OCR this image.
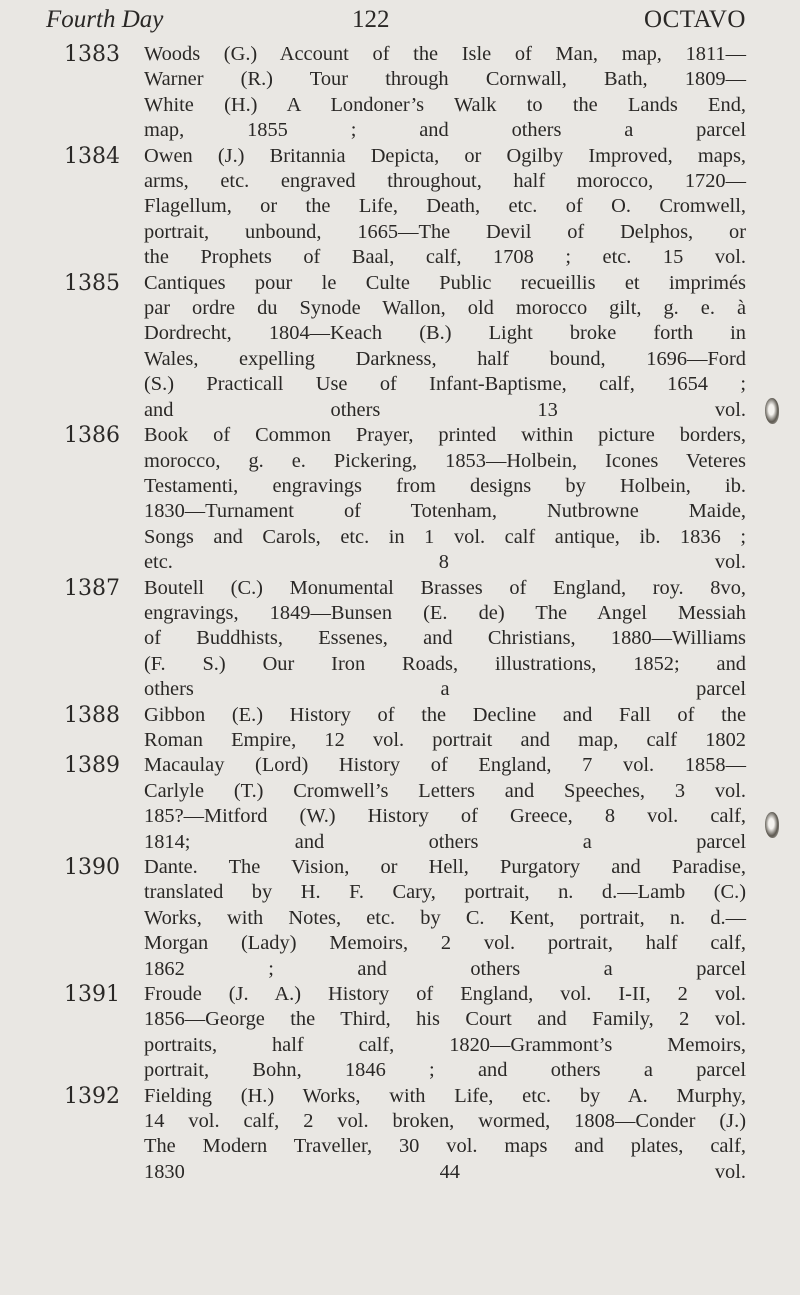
Fourth Day	122	OCTAVO
1383 Woods (G.) Account of the Isle of Man, map, 1811—
Warner (R.) Tour through Cornwall, Bath, 1809—
White (H.) A Londoner’s Walk to the Lands End,
map, 1855 ; and others a parcel
1384 Owen (J.) Britannia Depicta, or Ogilby Improved, maps,
arms, etc. engraved throughout, half morocco, 1720—
Flagellum, or the Life, Death, etc. of O. Cromwell,
portrait, unbound, 1665—The Devil of Delphos, or
the Prophets of Baal, calf, 1708 ; etc. 15 vol.
1385 Cantiques pour le Culte Public recueillis et imprimés
par ordre du Synode Wallon, old morocco gilt, g. e. à
Dordrecht, 1804—Keach (B.) Light broke forth in
Wales, expelling Darkness, half bound, 1696—Ford
(S.) Practicall Use of Infant-Baptisme, calf, 1654 ;
and others 13 vol.
1386 Book of Common Prayer, printed within picture borders,
morocco, g. e. Pickering, 1853—Holbein, Icones Veteres
Testamenti, engravings from designs by Holbein, ib.
1830—Turnament of Totenham, Nutbrowne Maide,
Songs and Carols, etc. in 1 vol. calf antique, ib. 1836 ;
etc. 8 vol.
1387 Boutell (C.) Monumental Brasses of England, roy. 8vo,
engravings, 1849—Bunsen (E. de) The Angel Messiah
of Buddhists, Essenes, and Christians, 1880—Williams
(F. S.) Our Iron Roads, illustrations, 1852; and
others a parcel
1388 Gibbon (E.) History of the Decline and Fall of the
Roman Empire, 12 vol. portrait and map, calf 1802
1389 Macaulay (Lord) History of England, 7 vol. 1858—
Carlyle (T.) Cromwell’s Letters and Speeches, 3 vol.
185?—Mitford (W.) History of Greece, 8 vol. calf,
1814; and others a parcel
1390 Dante. The Vision, or Hell, Purgatory and Paradise,
translated by H. F. Cary, portrait, n. d.—Lamb (C.)
Works, with Notes, etc. by C. Kent, portrait, n. d.—
Morgan (Lady) Memoirs, 2 vol. portrait, half calf,
1862 ; and others a parcel
1391 Froude (J. A.) History of England, vol. I-II, 2 vol.
1856—George the Third, his Court and Family, 2 vol.
portraits, half calf, 1820—Grammont’s Memoirs,
portrait, Bohn, 1846 ; and others a parcel
1392 Fielding (H.) Works, with Life, etc. by A. Murphy,
14 vol. calf, 2 vol. broken, wormed, 1808—Conder (J.)
The Modern Traveller, 30 vol. maps and plates, calf,
1830 44 vol.
